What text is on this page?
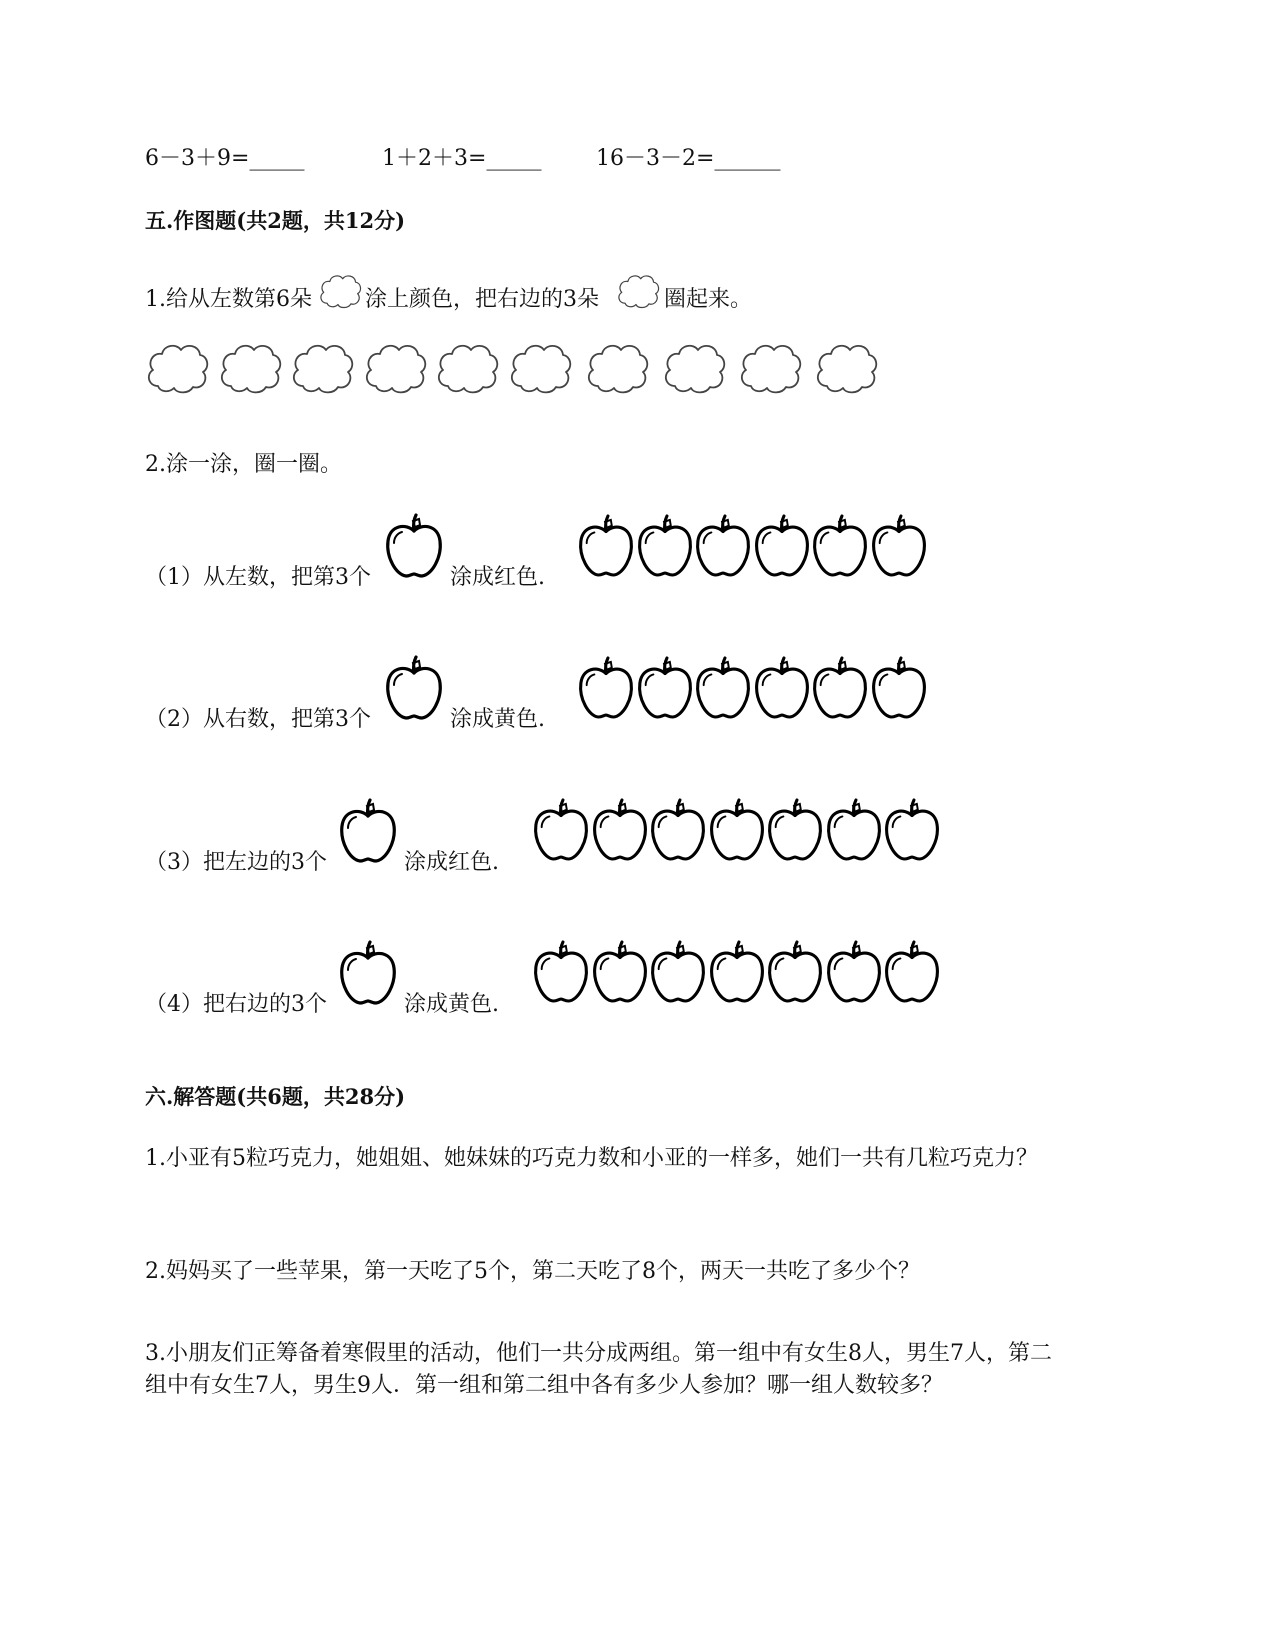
6－3＋9=_____	1＋2＋3=_____ 16－3－2=______
五.作图题(共2题，共12分)
1.给从左数第6朵 涂上颜色，把右边的3朵	圈起来。
2.涂一涂，圈一圈。
（1）从左数，把第3个	涂成红色.
（2）从右数，把第3个	涂成黄色.
（3）把左边的3个	涂成红色.
（4）把右边的3个	涂成黄色.
六.解答题(共6题，共28分)
1.小亚有5粒巧克力，她姐姐、她妹妹的巧克力数和小亚的一样多，她们一共有几粒巧克力？
2.妈妈买了一些苹果，第一天吃了5个，第二天吃了8个，两天一共吃了多少个？
3.小朋友们正筹备着寒假里的活动，他们一共分成两组。第一组中有女生8人，男生7人，第二组中有女生7人，男生9人．第一组和第二组中各有多少人参加？哪一组人数较多？
